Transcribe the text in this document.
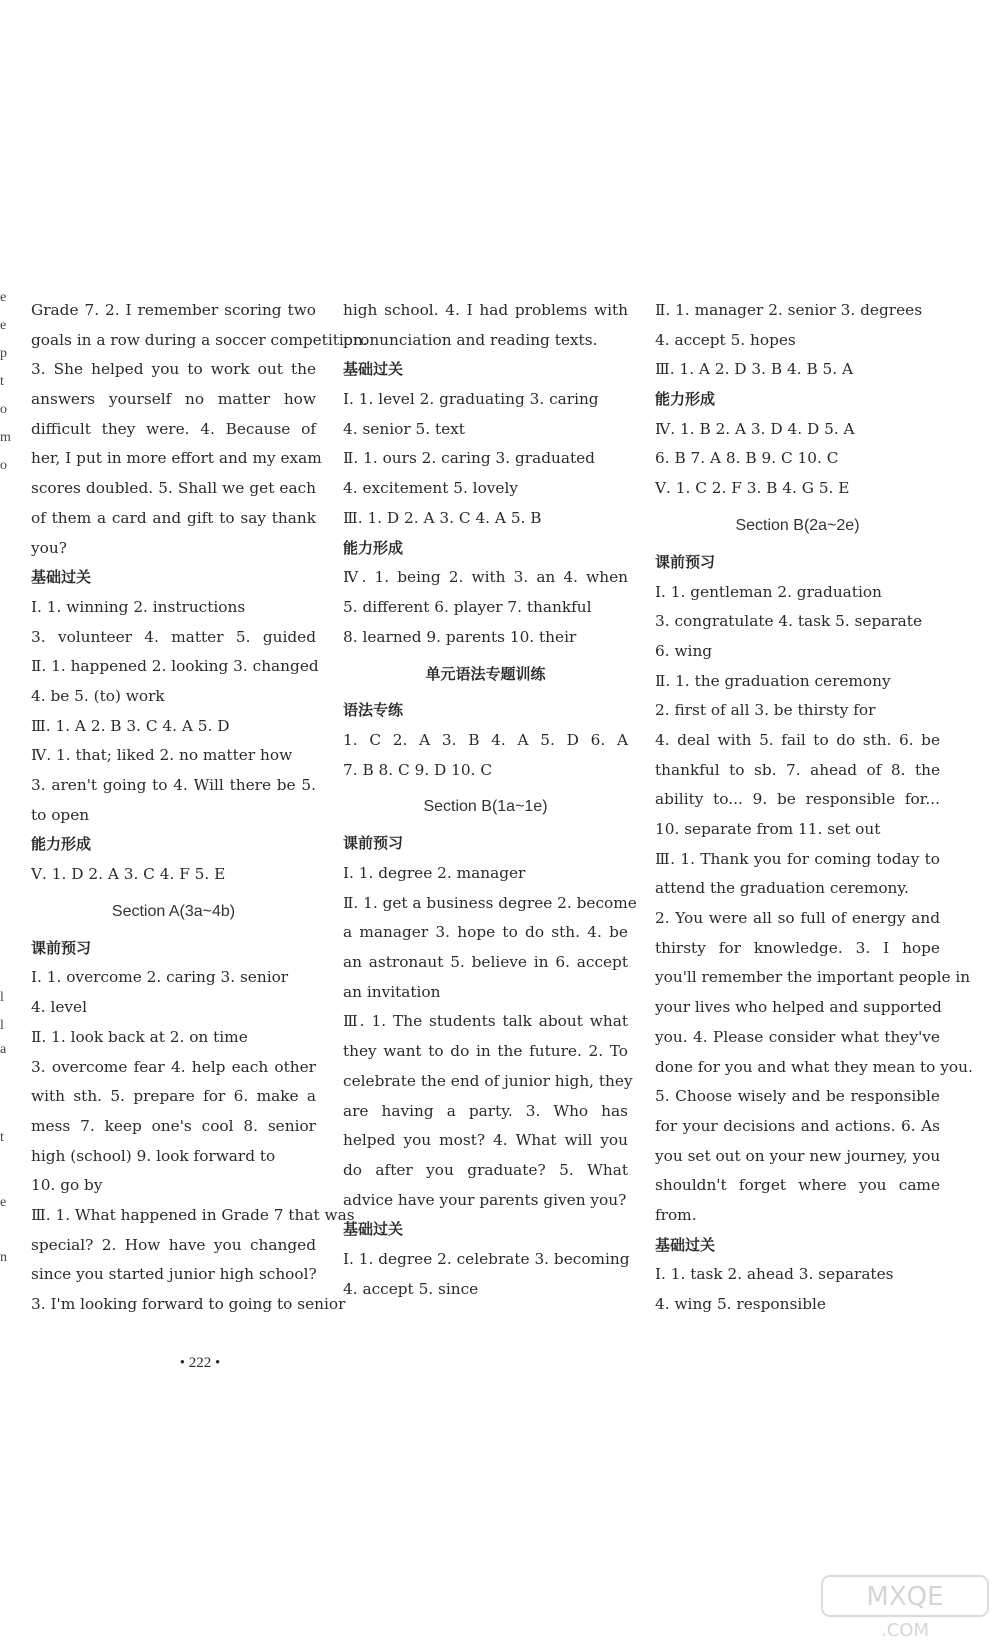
e
e
p
t
o
m
o
l
l
a
t
e
n
Grade 7. 2. I remember scoring two
goals in a row during a soccer competition.
3. She helped you to work out the
answers yourself no matter how
difficult they were. 4. Because of
her, I put in more effort and my exam
scores doubled. 5. Shall we get each
of them a card and gift to say thank
you?
基础过关
Ⅰ. 1. winning 2. instructions
3. volunteer 4. matter 5. guided
Ⅱ. 1. happened 2. looking 3. changed
4. be 5. (to) work
Ⅲ. 1. A 2. B 3. C 4. A 5. D
Ⅳ. 1. that; liked 2. no matter how
3. aren't going to 4. Will there be 5.
to open
能力形成
Ⅴ. 1. D 2. A 3. C 4. F 5. E
Section A(3a~4b)
课前预习
Ⅰ. 1. overcome 2. caring 3. senior
4. level
Ⅱ. 1. look back at 2. on time
3. overcome fear 4. help each other
with sth. 5. prepare for 6. make a
mess 7. keep one's cool 8. senior
high (school) 9. look forward to
10. go by
Ⅲ. 1. What happened in Grade 7 that was
special? 2. How have you changed
since you started junior high school?
3. I'm looking forward to going to senior
high school. 4. I had problems with
pronunciation and reading texts.
基础过关
Ⅰ. 1. level 2. graduating 3. caring
4. senior 5. text
Ⅱ. 1. ours 2. caring 3. graduated
4. excitement 5. lovely
Ⅲ. 1. D 2. A 3. C 4. A 5. B
能力形成
Ⅳ. 1. being 2. with 3. an 4. when
5. different 6. player 7. thankful
8. learned 9. parents 10. their
单元语法专题训练
语法专练
1. C 2. A 3. B 4. A 5. D 6. A
7. B 8. C 9. D 10. C
Section B(1a~1e)
课前预习
Ⅰ. 1. degree 2. manager
Ⅱ. 1. get a business degree 2. become
a manager 3. hope to do sth. 4. be
an astronaut 5. believe in 6. accept
an invitation
Ⅲ. 1. The students talk about what
they want to do in the future. 2. To
celebrate the end of junior high, they
are having a party. 3. Who has
helped you most? 4. What will you
do after you graduate? 5. What
advice have your parents given you?
基础过关
Ⅰ. 1. degree 2. celebrate 3. becoming
4. accept 5. since
Ⅱ. 1. manager 2. senior 3. degrees
4. accept 5. hopes
Ⅲ. 1. A 2. D 3. B 4. B 5. A
能力形成
Ⅳ. 1. B 2. A 3. D 4. D 5. A
6. B 7. A 8. B 9. C 10. C
Ⅴ. 1. C 2. F 3. B 4. G 5. E
Section B(2a~2e)
课前预习
Ⅰ. 1. gentleman 2. graduation
3. congratulate 4. task 5. separate
6. wing
Ⅱ. 1. the graduation ceremony
2. first of all 3. be thirsty for
4. deal with 5. fail to do sth. 6. be
thankful to sb. 7. ahead of 8. the
ability to... 9. be responsible for...
10. separate from 11. set out
Ⅲ. 1. Thank you for coming today to
attend the graduation ceremony.
2. You were all so full of energy and
thirsty for knowledge. 3. I hope
you'll remember the important people in
your lives who helped and supported
you. 4. Please consider what they've
done for you and what they mean to you.
5. Choose wisely and be responsible
for your decisions and actions. 6. As
you set out on your new journey, you
shouldn't forget where you came
from.
基础过关
Ⅰ. 1. task 2. ahead 3. separates
4. wing 5. responsible
• 222 •
MXQE
.COM
